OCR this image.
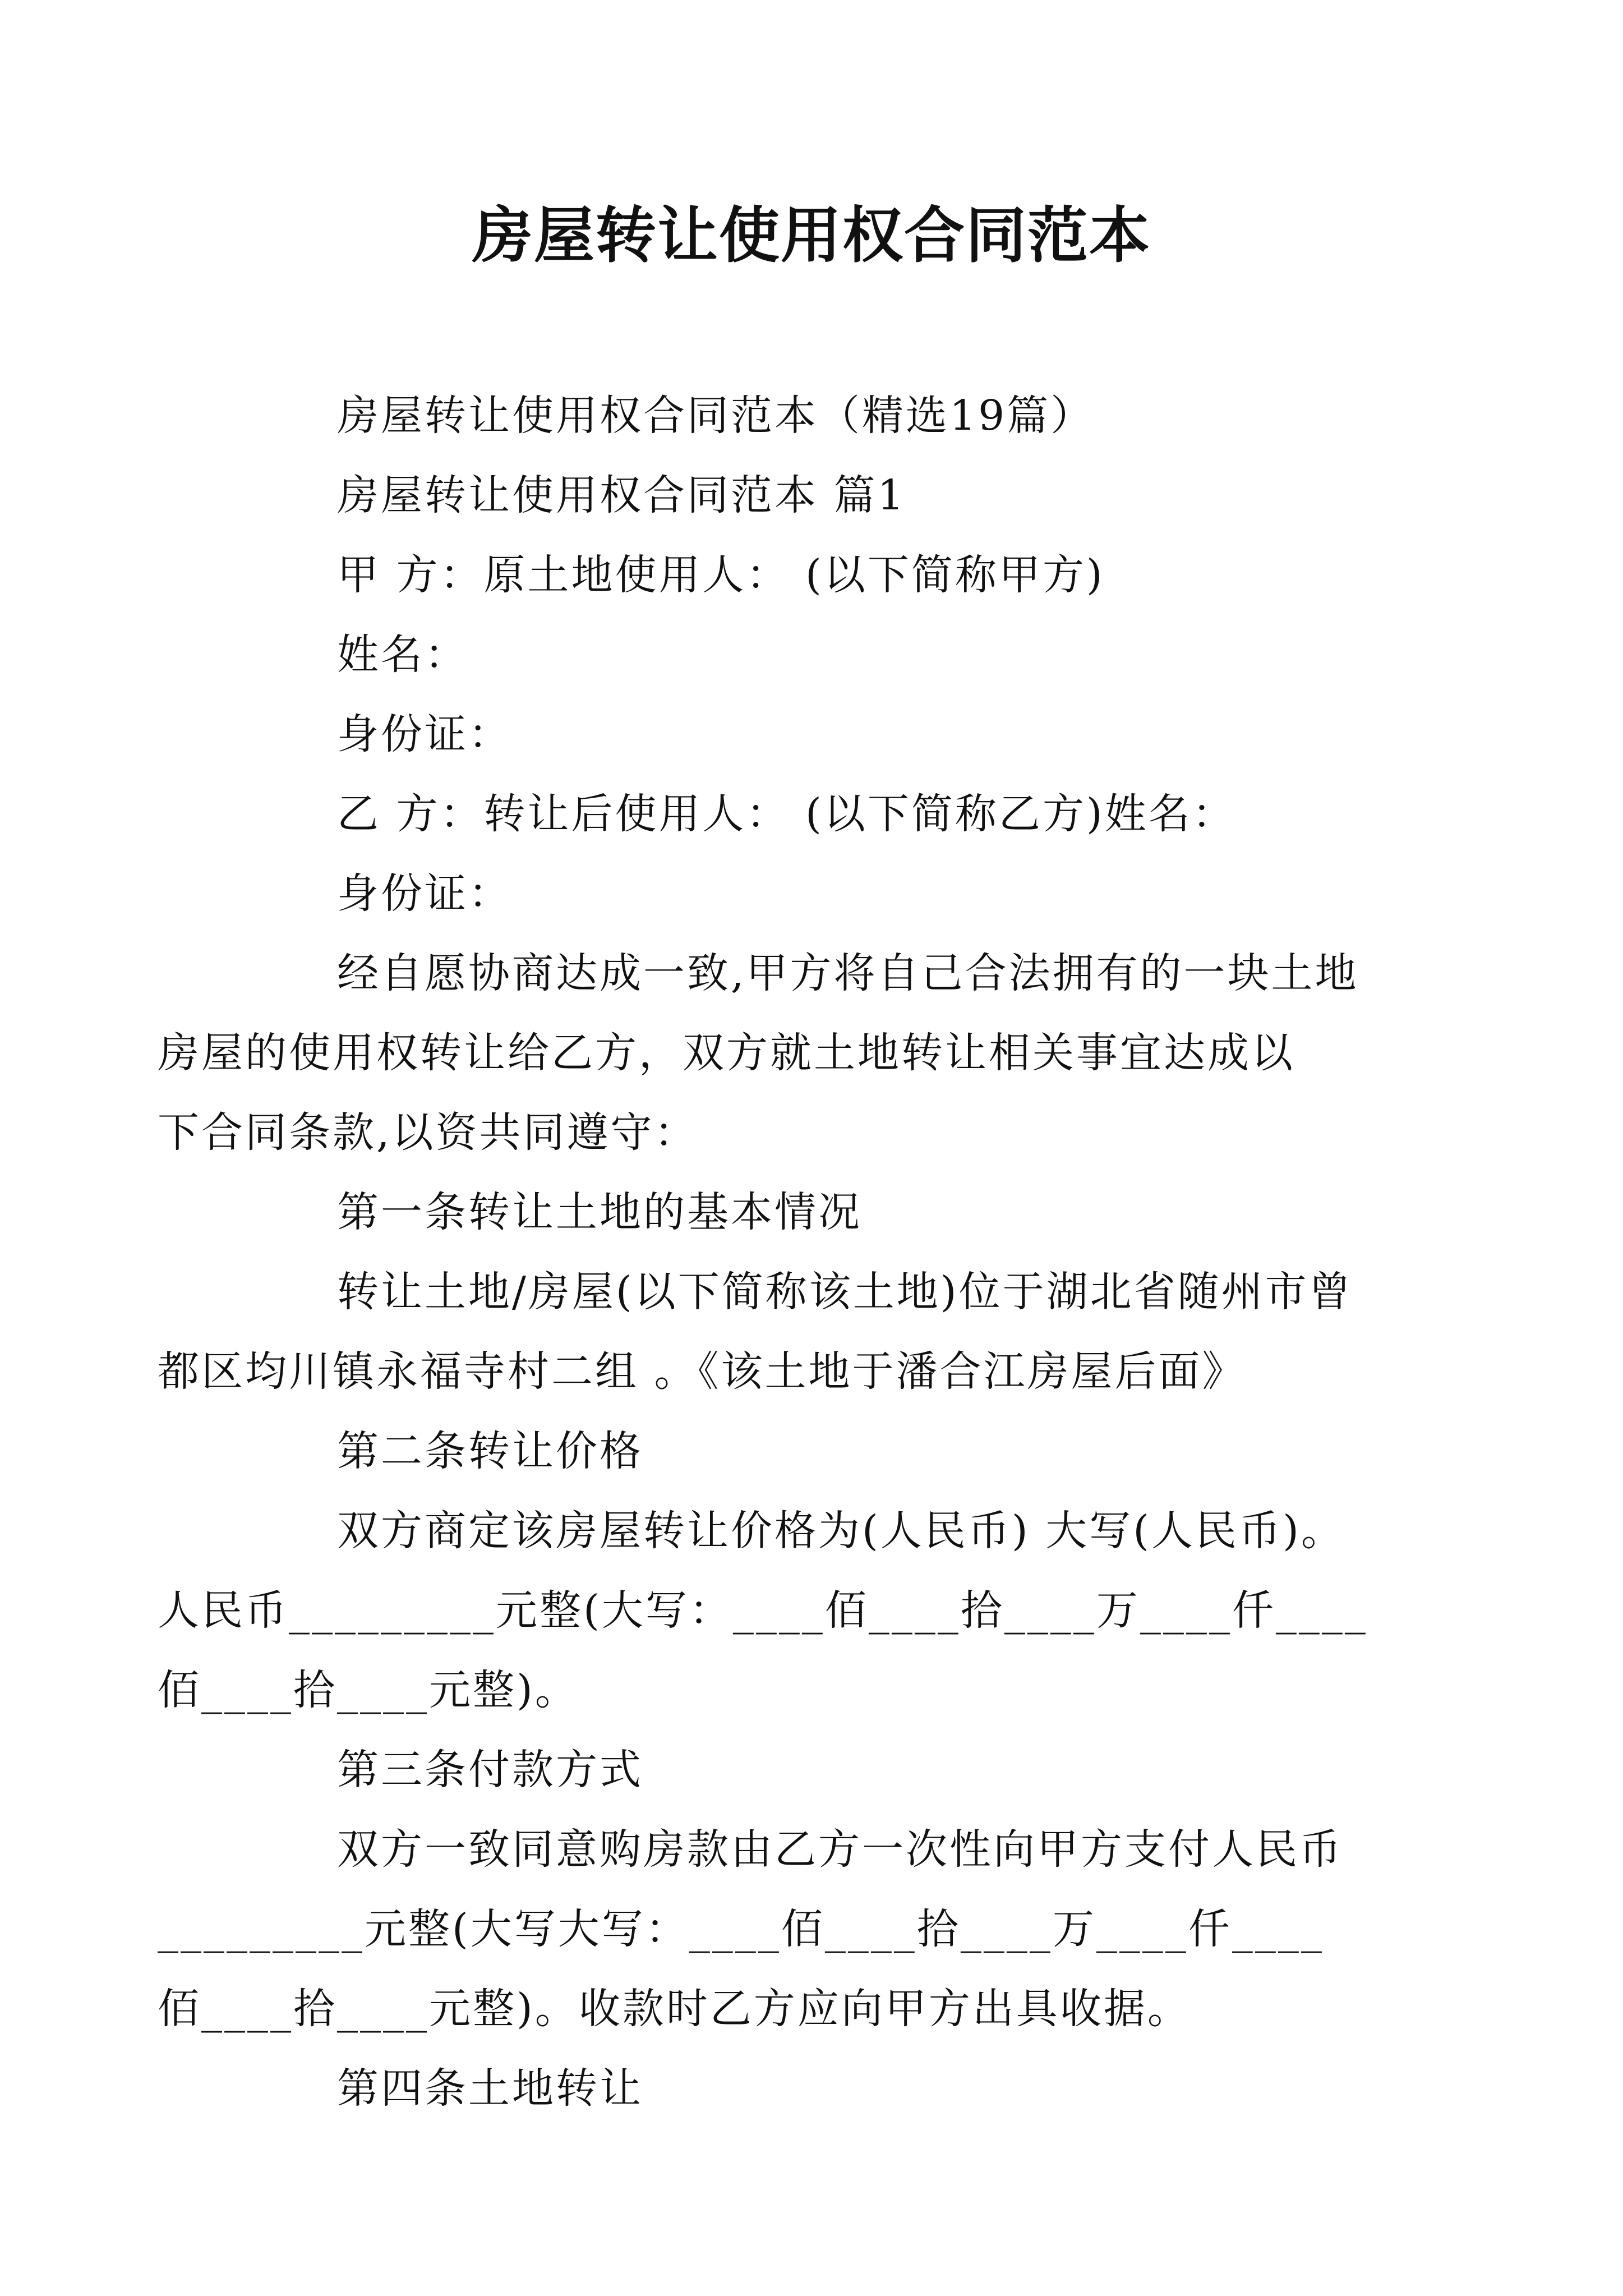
房屋转让使用权合同范本

房屋转让使用权合同范本（精选19篇）

房屋转让使用权合同范本 篇1

甲 方：原土地使用人： (以下简称甲方)

姓名：

身份证：

乙 方：转让后使用人： (以下简称乙方)姓名：

身份证：

经自愿协商达成一致,甲方将自己合法拥有的一块土地
房屋的使用权转让给乙方，双方就土地转让相关事宜达成以
下合同条款,以资共同遵守：

第一条转让土地的基本情况

转让土地/房屋(以下简称该土地)位于湖北省随州市曾
都区均川镇永福寺村二组 。《该土地于潘合江房屋后面》

第二条转让价格

双方商定该房屋转让价格为(人民币) 大写(人民币)。
人民币_________元整(大写：____佰____拾____万____仟____
佰____拾____元整)。

第三条付款方式

双方一致同意购房款由乙方一次性向甲方支付人民币
_________元整(大写大写：____佰____拾____万____仟____
佰____拾____元整)。收款时乙方应向甲方出具收据。

第四条土地转让
